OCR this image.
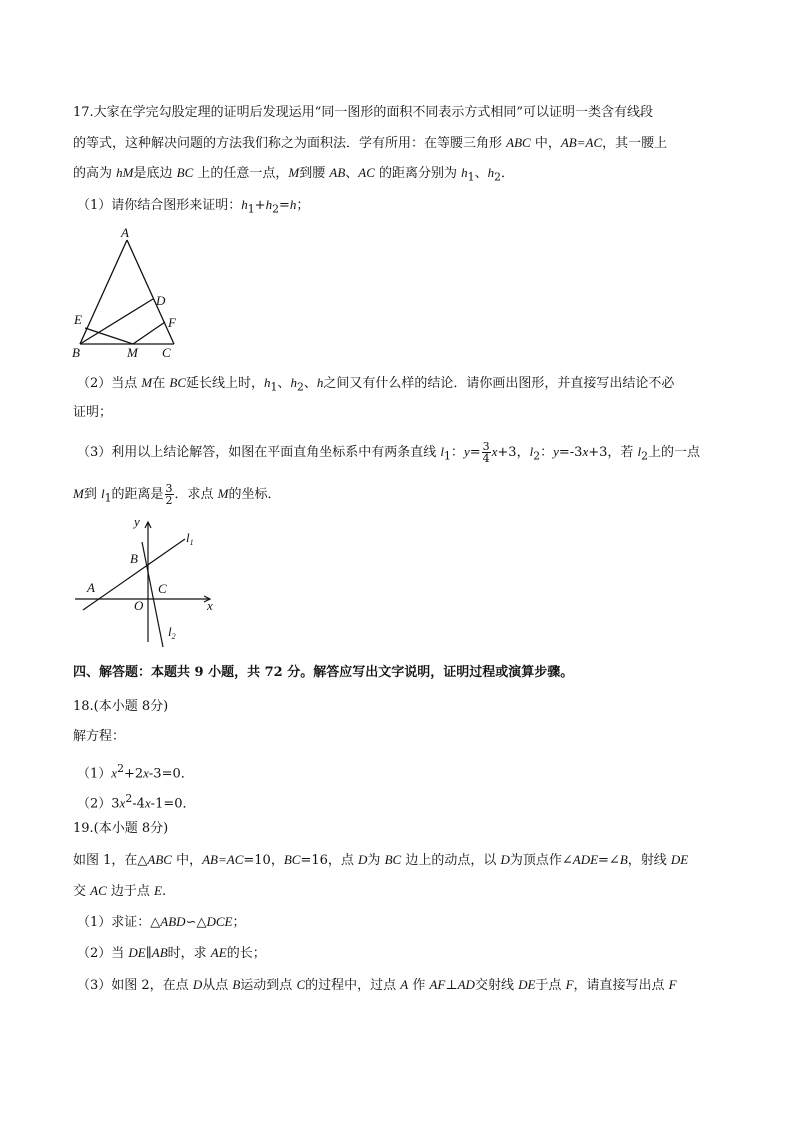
17.大家在学完勾股定理的证明后发现运用“同一图形的面积不同表示方式相同”可以证明一类含有线段
的等式，这种解决问题的方法我们称之为面积法．学有所用：在等腰三角形 ABC 中，AB=AC，其一腰上
的高为 hM是底边 BC 上的任意一点，M到腰 AB、AC 的距离分别为 $h_1$、$h_2$．
（1）请你结合图形来证明：$h_1+h_2=h$；
A
D
E	F
B	M C
（2）当点 M在 BC延长线上时，$h_1$、$h_2$、h之间又有什么样的结论．请你画出图形，并直接写出结论不必
证明；
（3）利用以上结论解答，如图在平面直角坐标系中有两条直线 $l_1$：$y= \frac{3}{4} x+3$，$l_2$：y=-3x+3，若 $l_2$上的一点
M到 $l_1$的距离是 $\frac{3}{2}$ ．求点 M的坐标．
y
x
$l_1$
$l_2$
B
A	C
O
四、解答题：本题共 9 小题，共 72 分。解答应写出文字说明，证明过程或演算步骤。
18.(本小题 8分)
解方程：
$(1)x^2+2x-3=0$．
$(2)3x^2-4x-1=0$．
19.(本小题 8分)
如图 1，在△ABC 中，AB=AC=10，BC=16，点 D为 BC 边上的动点，以 D为顶点作∠ADE=∠B，射线 DE
交 AC 边于点 E.
（1）求证：△ABD∽△DCE；
（2）当 DE∥AB时，求 AE的长；
（3）如图 2，在点 D从点 B运动到点 C的过程中，过点 A 作 AF⊥AD交射线 DE于点 F，请直接写出点 F
